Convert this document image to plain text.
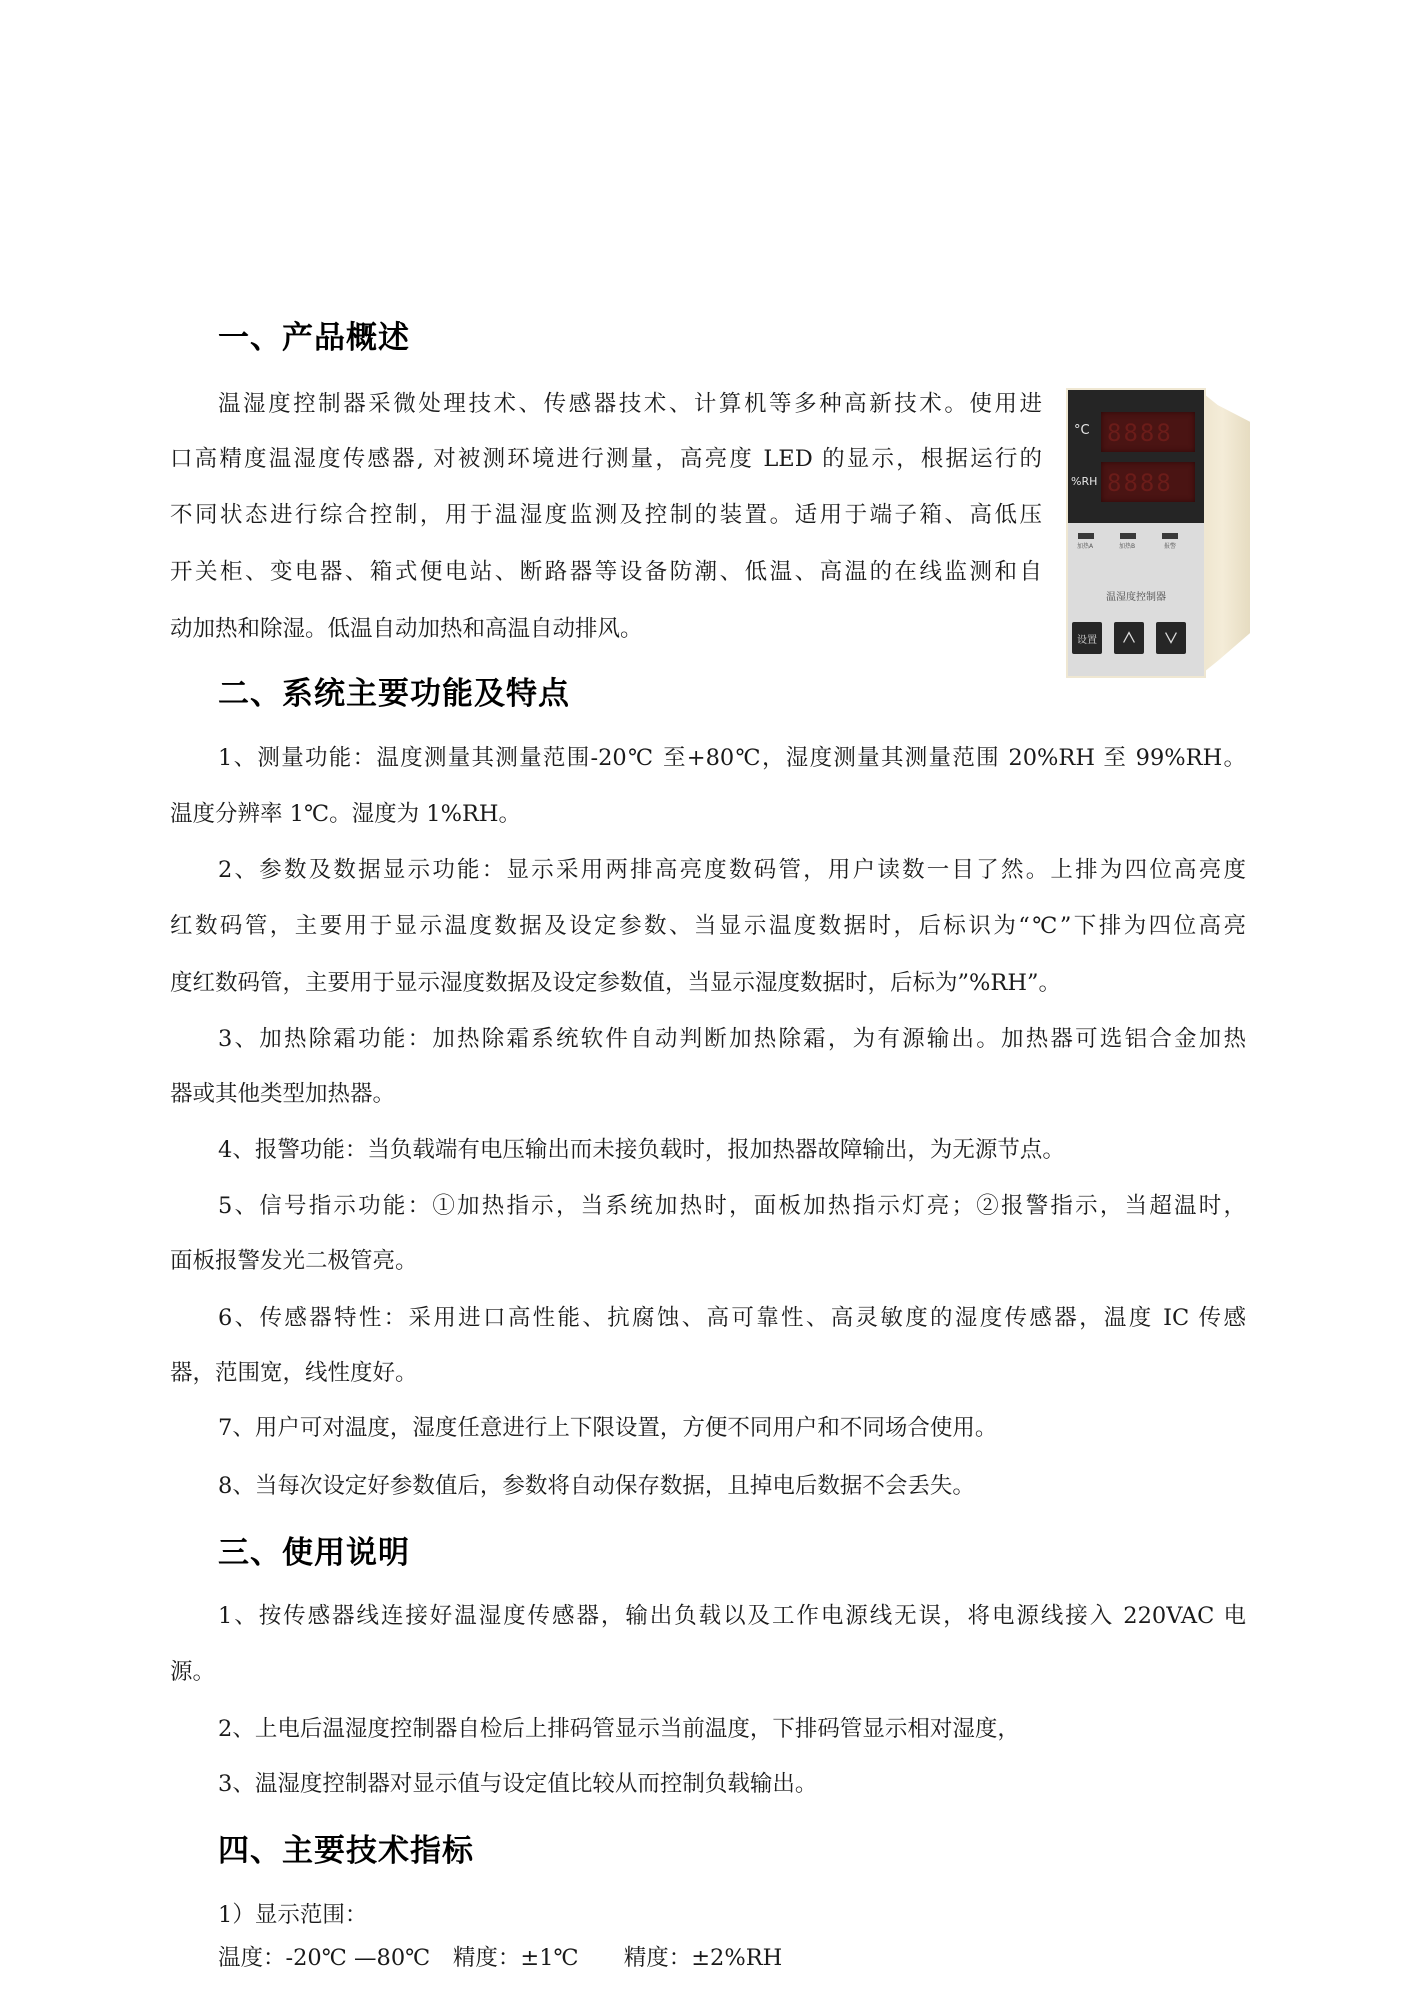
一、产品概述
温湿度控制器采微处理技术、传感器技术、计算机等多种高新技术。使用进
口高精度温湿度传感器, 对被测环境进行测量，高亮度 LED 的显示，根据运行的
不同状态进行综合控制，用于温湿度监测及控制的装置。适用于端子箱、高低压
开关柜、变电器、箱式便电站、断路器等设备防潮、低温、高温的在线监测和自
动加热和除湿。低温自动加热和高温自动排风。
°C 8888
%RH 8888
加热A	加热B	报警
温湿度控制器
设置
二、系统主要功能及特点
1、测量功能：温度测量其测量范围-20℃ 至+80℃，湿度测量其测量范围 20%RH 至 99%RH。
温度分辨率 1℃。湿度为 1%RH。
2、参数及数据显示功能：显示采用两排高亮度数码管，用户读数一目了然。上排为四位高亮度
红数码管，主要用于显示温度数据及设定参数、当显示温度数据时，后标识为“℃”下排为四位高亮
度红数码管，主要用于显示湿度数据及设定参数值，当显示湿度数据时，后标为”%RH”。
3、加热除霜功能：加热除霜系统软件自动判断加热除霜，为有源输出。加热器可选铝合金加热
器或其他类型加热器。
4、报警功能：当负载端有电压输出而未接负载时，报加热器故障输出，为无源节点。
5、信号指示功能：①加热指示，当系统加热时，面板加热指示灯亮；②报警指示，当超温时，
面板报警发光二极管亮。
6、传感器特性：采用进口高性能、抗腐蚀、高可靠性、高灵敏度的湿度传感器，温度 IC 传感
器，范围宽，线性度好。
7、用户可对温度，湿度任意进行上下限设置，方便不同用户和不同场合使用。
8、当每次设定好参数值后，参数将自动保存数据，且掉电后数据不会丢失。
三、使用说明
1、按传感器线连接好温湿度传感器，输出负载以及工作电源线无误，将电源线接入 220VAC 电
源。
2、上电后温湿度控制器自检后上排码管显示当前温度，下排码管显示相对湿度，
3、温湿度控制器对显示值与设定值比较从而控制负载输出。
四、主要技术指标
1）显示范围：
温度：-20℃ —80℃　精度：±1℃　　精度：±2%RH
